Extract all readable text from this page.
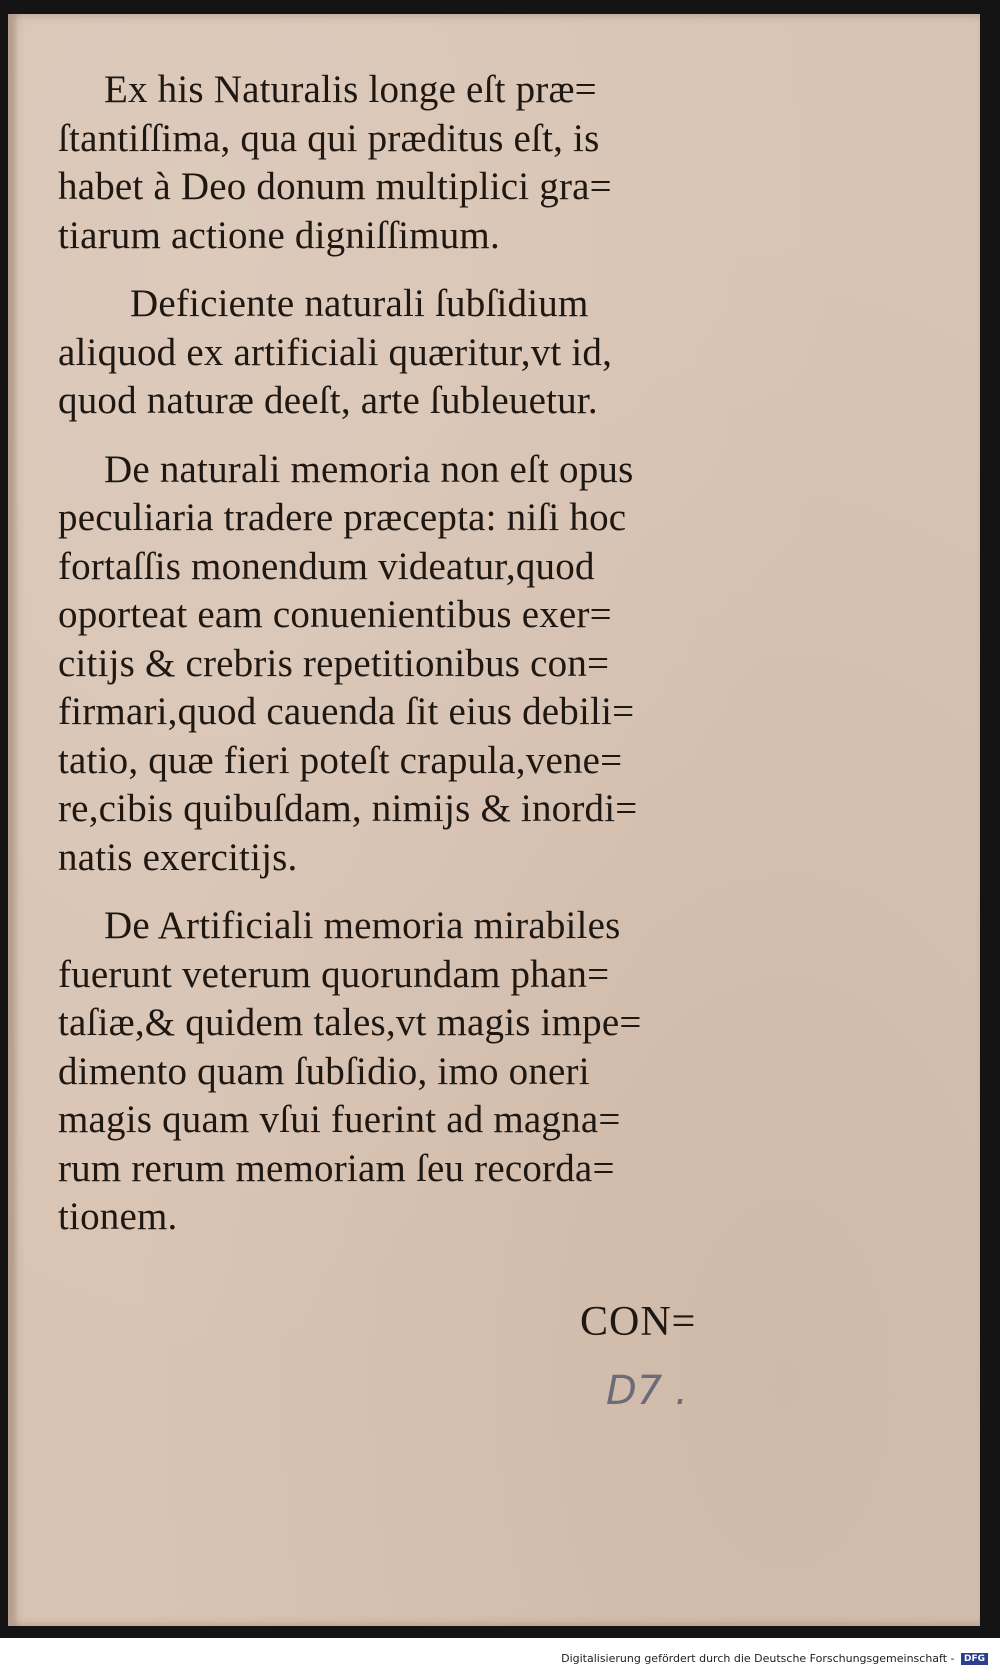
Ex his Naturalis longe eſt præ=
ſtantiſſima, qua qui præditus eſt, is
habet à Deo donum multiplici gra=
tiarum actione digniſſimum.

Deficiente naturali ſubſidium
aliquod ex artificiali quæritur,vt id,
quod naturæ deeſt, arte ſubleuetur.

De naturali memoria non eſt opus
peculiaria tradere præcepta: niſi hoc
fortaſſis monendum videatur,quod
oporteat eam conuenientibus exer=
citijs & crebris repetitionibus con=
firmari,quod cauenda ſit eius debili=
tatio, quæ fieri poteſt crapula,vene=
re,cibis quibuſdam, nimijs & inordi=
natis exercitijs.

De Artificiali memoria mirabiles
fuerunt veterum quorundam phan=
taſiæ,& quidem tales,vt magis impe=
dimento quam ſubſidio, imo oneri
magis quam vſui fuerint ad magna=
rum rerum memoriam ſeu recorda=
tionem.

CON=
D7 .
Digitalisierung gefördert durch die Deutsche Forschungsgemeinschaft - DFG
